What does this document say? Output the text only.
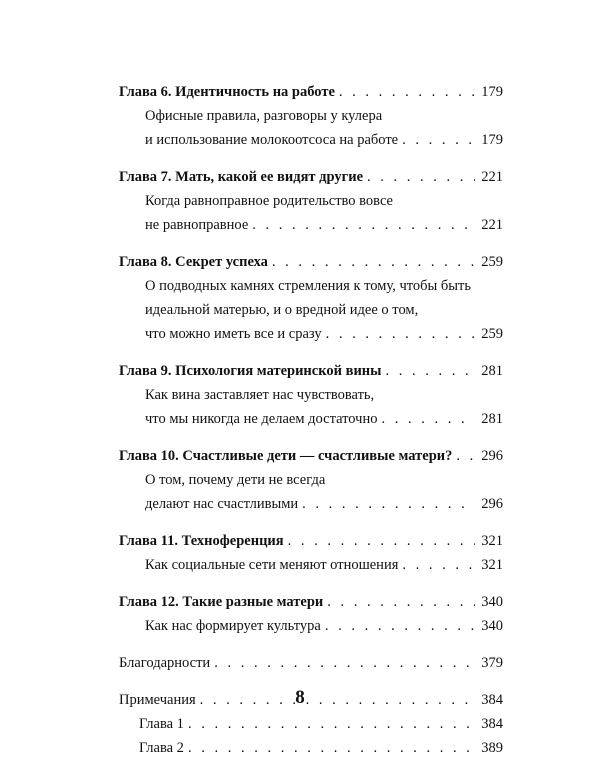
Глава 6. Идентичность на работе . . .	179
Офисные правила, разговоры у кулера
и использование молокоотсоса на работе . . .	179
Глава 7. Мать, какой ее видят другие . . .	221
Когда равноправное родительство вовсе
не равноправное . . .	221
Глава 8. Секрет успеха . . .	259
О подводных камнях стремления к тому, чтобы быть
идеальной матерью, и о вредной идее о том,
что можно иметь все и сразу . . .	259
Глава 9. Психология материнской вины . . .	281
Как вина заставляет нас чувствовать,
что мы никогда не делаем достаточно . . .	281
Глава 10. Счастливые дети — счастливые матери? . . . 296
О том, почему дети не всегда
делают нас счастливыми . . .	296
Глава 11. Техноференция . . .	321
Как социальные сети меняют отношения . . .	321
Глава 12. Такие разные матери . . .	340
Как нас формирует культура . . .	340
Благодарности . . .	379
Примечания . . .	384
Глава 1 . . .	384
Глава 2 . . .	389
8
